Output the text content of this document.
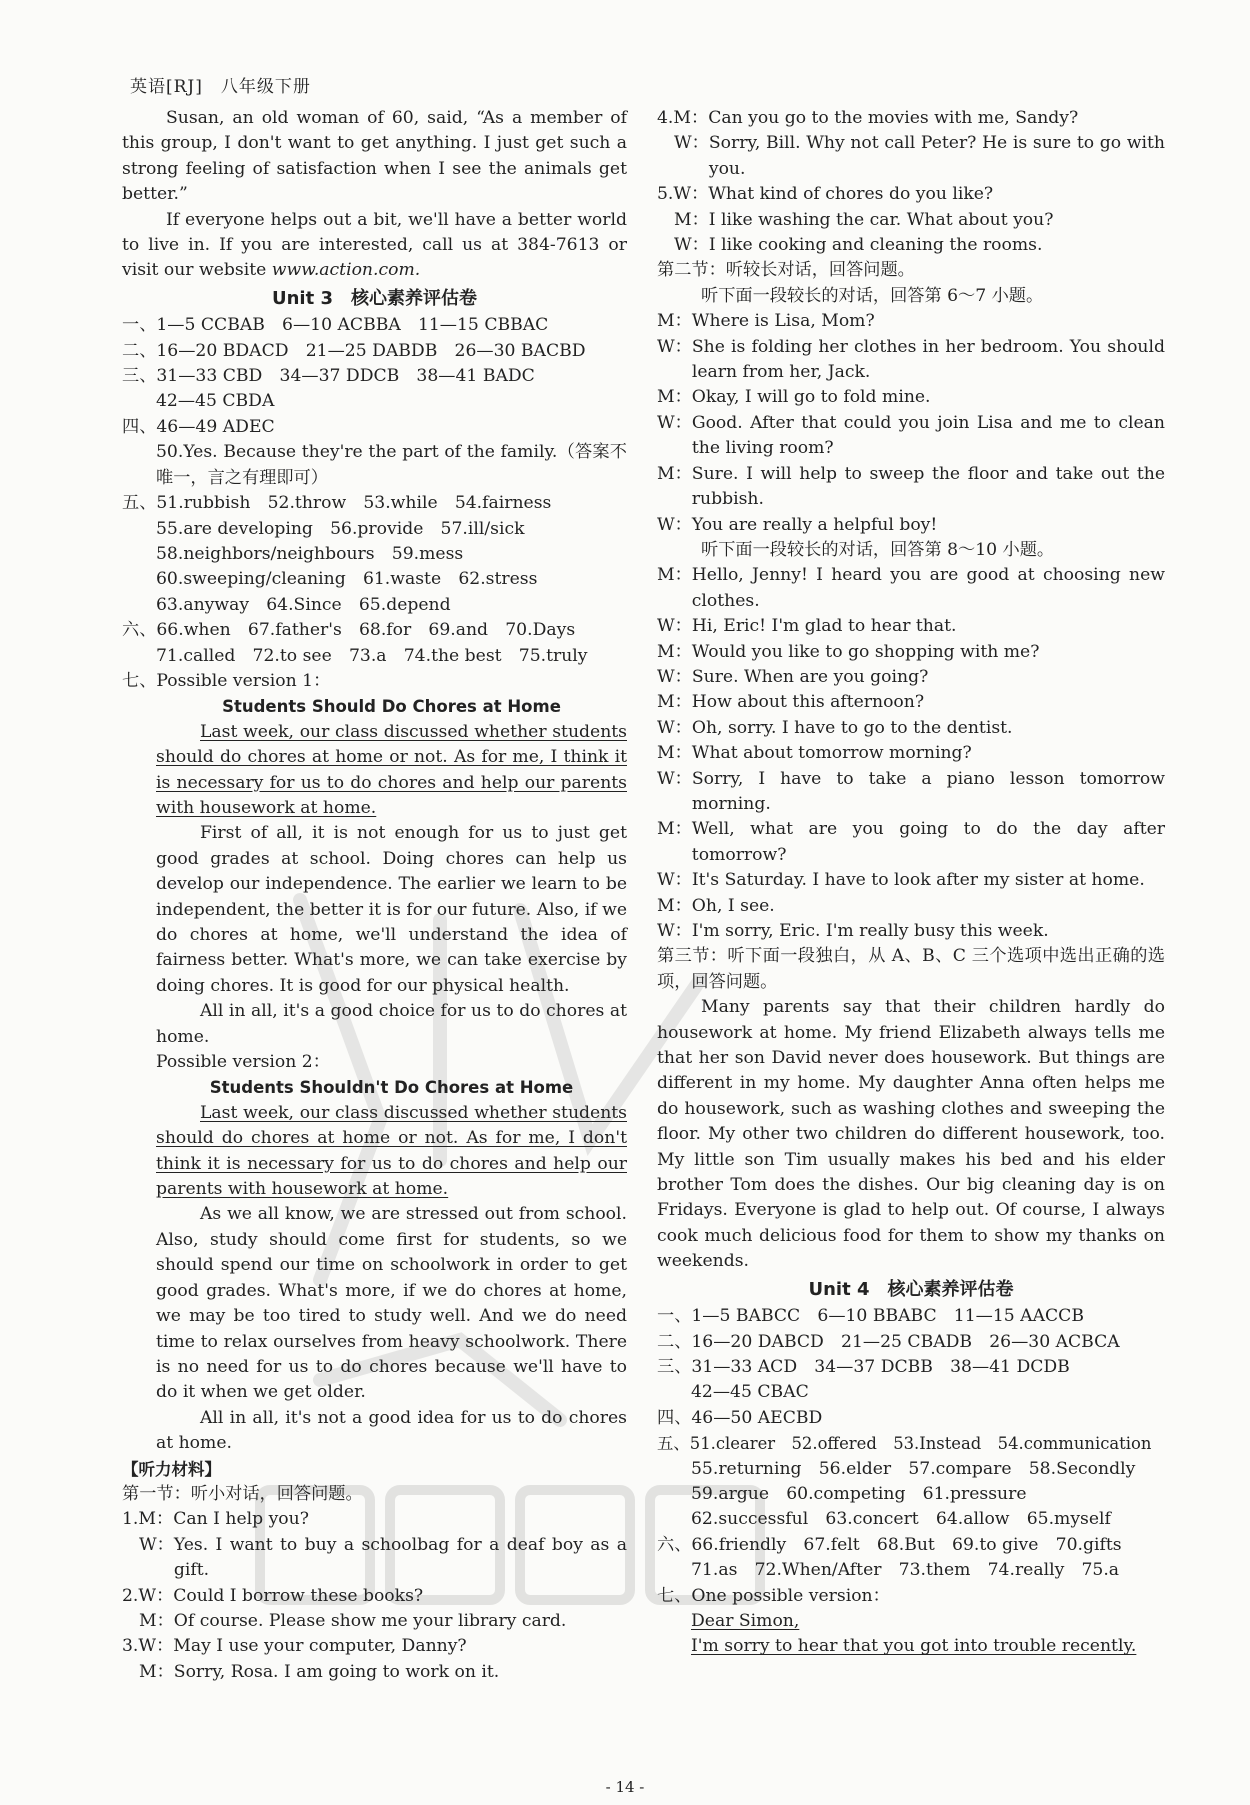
英语[RJ]　八年级下册

Susan, an old woman of 60, said, “As a member of this group, I don't want to get anything. I just get such a strong feeling of satisfaction when I see the animals get better.”

If everyone helps out a bit, we'll have a better world to live in. If you are interested, call us at 384-7613 or visit our website www.action.com.

Unit 3　核心素养评估卷

一、1—5 CCBAB　6—10 ACBBA　11—15 CBBAC

二、16—20 BDACD　21—25 DABDB　26—30 BACBD

三、31—33 CBD　34—37 DDCB　38—41 BADC

42—45 CBDA

四、46—49 ADEC

50.Yes. Because they're the part of the family.（答案不唯一，言之有理即可）

五、51.rubbish　52.throw　53.while　54.fairness

55.are developing　56.provide　57.ill/sick

58.neighbors/neighbours　59.mess

60.sweeping/cleaning　61.waste　62.stress

63.anyway　64.Since　65.depend

六、66.when　67.father's　68.for　69.and　70.Days

71.called　72.to see　73.a　74.the best　75.truly

七、Possible version 1：

Students Should Do Chores at Home

Last week, our class discussed whether students should do chores at home or not. As for me, I think it is necessary for us to do chores and help our parents with housework at home.

First of all, it is not enough for us to just get good grades at school. Doing chores can help us develop our independence. The earlier we learn to be independent, the better it is for our future. Also, if we do chores at home, we'll understand the idea of fairness better. What's more, we can take exercise by doing chores. It is good for our physical health.

All in all, it's a good choice for us to do chores at home.

Possible version 2：

Students Shouldn't Do Chores at Home

Last week, our class discussed whether students should do chores at home or not. As for me, I don't think it is necessary for us to do chores and help our parents with housework at home.

As we all know, we are stressed out from school. Also, study should come first for students, so we should spend our time on schoolwork in order to get good grades. What's more, if we do chores at home, we may be too tired to study well. And we do need time to relax ourselves from heavy schoolwork. There is no need for us to do chores because we'll have to do it when we get older.

All in all, it's not a good idea for us to do chores at home.

【听力材料】

第一节：听小对话，回答问题。

1.M： Can I help you?
W： Yes. I want to buy a schoolbag for a deaf boy as a gift.
2.W： Could I borrow these books?
M： Of course. Please show me your library card.
3.W： May I use your computer, Danny?
M： Sorry, Rosa. I am going to work on it.
4.M： Can you go to the movies with me, Sandy?
W： Sorry, Bill. Why not call Peter? He is sure to go with you.
5.W： What kind of chores do you like?
M： I like washing the car. What about you?
W： I like cooking and cleaning the rooms.

第二节：听较长对话，回答问题。

听下面一段较长的对话，回答第 6～7 小题。

M： Where is Lisa, Mom?
W： She is folding her clothes in her bedroom. You should learn from her, Jack.
M： Okay, I will go to fold mine.
W： Good. After that could you join Lisa and me to clean the living room?
M： Sure. I will help to sweep the floor and take out the rubbish.
W： You are really a helpful boy!

听下面一段较长的对话，回答第 8～10 小题。

M： Hello, Jenny! I heard you are good at choosing new clothes.
W： Hi, Eric! I'm glad to hear that.
M： Would you like to go shopping with me?
W： Sure. When are you going?
M： How about this afternoon?
W： Oh, sorry. I have to go to the dentist.
M： What about tomorrow morning?
W： Sorry, I have to take a piano lesson tomorrow morning.
M： Well, what are you going to do the day after tomorrow?
W： It's Saturday. I have to look after my sister at home.
M： Oh, I see.
W： I'm sorry, Eric. I'm really busy this week.

第三节：听下面一段独白，从 A、B、C 三个选项中选出正确的选项，回答问题。

Many parents say that their children hardly do housework at home. My friend Elizabeth always tells me that her son David never does housework. But things are different in my home. My daughter Anna often helps me do housework, such as washing clothes and sweeping the floor. My other two children do different housework, too. My little son Tim usually makes his bed and his elder brother Tom does the dishes. Our big cleaning day is on Fridays. Everyone is glad to help out. Of course, I always cook much delicious food for them to show my thanks on weekends.

Unit 4　核心素养评估卷

一、1—5 BABCC　6—10 BBABC　11—15 AACCB

二、16—20 DABCD　21—25 CBADB　26—30 ACBCA

三、31—33 ACD　34—37 DCBB　38—41 DCDB

42—45 CBAC

四、46—50 AECBD

五、51.clearer　52.offered　53.Instead　54.communication

55.returning　56.elder　57.compare　58.Secondly

59.argue　60.competing　61.pressure

62.successful　63.concert　64.allow　65.myself

六、66.friendly　67.felt　68.But　69.to give　70.gifts

71.as　72.When/After　73.them　74.really　75.a

七、One possible version：

Dear Simon,

I'm sorry to hear that you got into trouble recently.

- 14 -
